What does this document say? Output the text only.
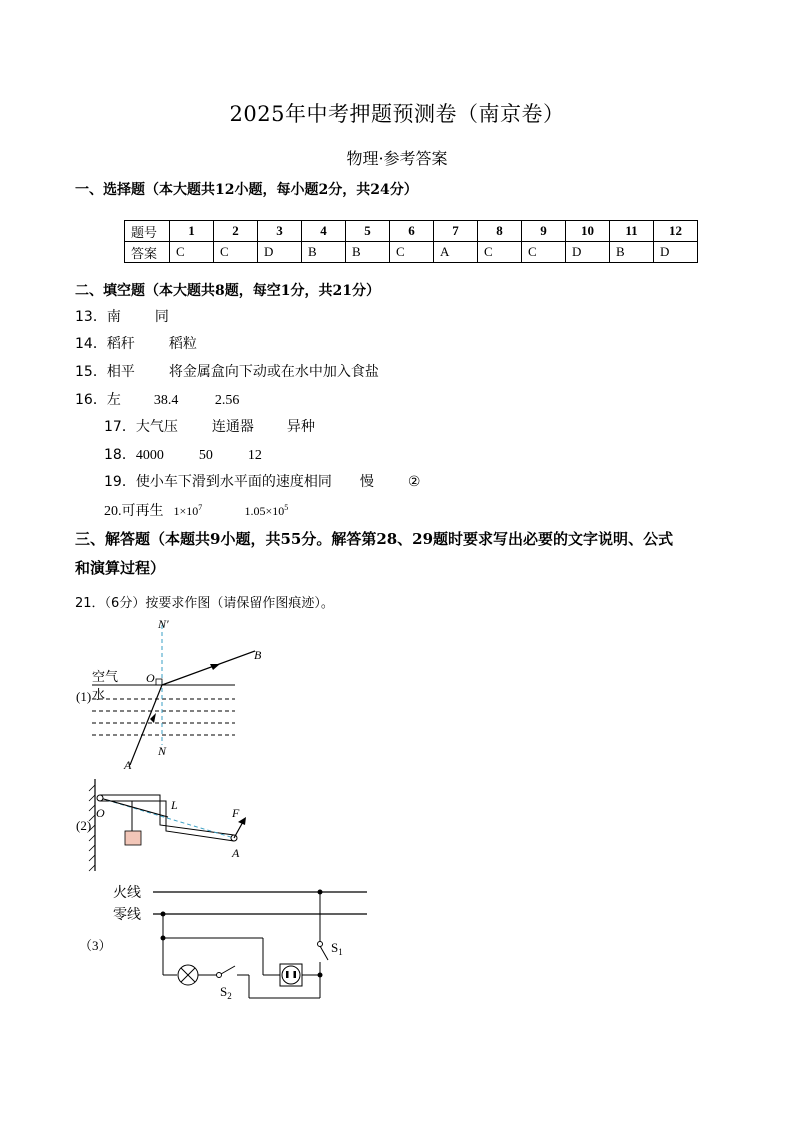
2025年中考押题预测卷（南京卷）
物理·参考答案
一、选择题（本大题共12小题，每小题2分，共24分）
题号	1	2	3	4	5	6	7	8	9	10	11	12
答案	C	C	D	B	B	C	A	C	C	D	B	D
二、填空题（本大题共8题，每空1分，共21分）
13．南 同
14．稻秆 稻粒
15．相平 将金属盒向下动或在水中加入食盐
16．左 38.4	2.56
17．大气压 连通器 异种
18．4000	50	12
19．使小车下滑到水平面的速度相同 慢 ②
20.可再生 $1\times 10^7$	$1.05\times 10^5$
三、解答题（本题共9小题，共55分。解答第28、29题时要求写出必要的文字说明、公式
和演算过程）
21．（6分）按要求作图（请保留作图痕迹）。
(1)
空气
水
N′
N
O
A
B
(2)
O
L
F
A
（3）
火线
零线
$S_1$
$S_2$
